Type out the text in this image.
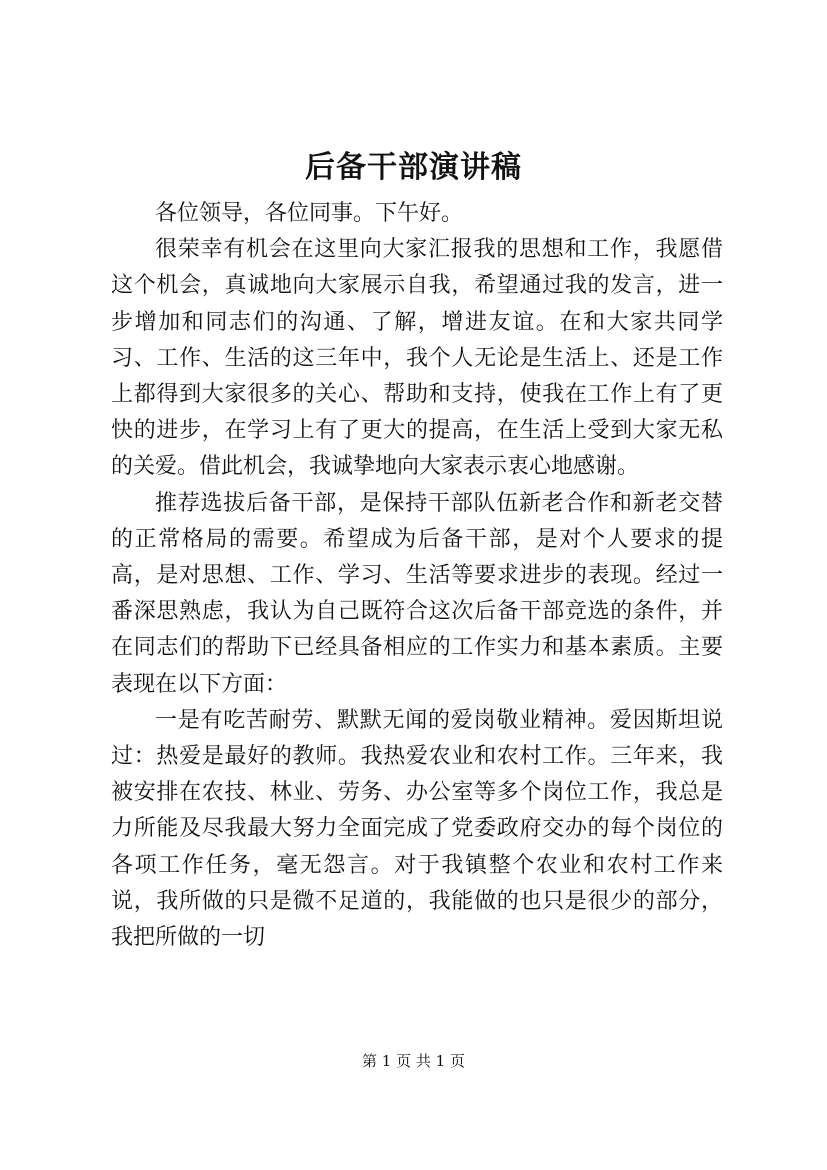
后备干部演讲稿

各位领导，各位同事。下午好。

很荣幸有机会在这里向大家汇报我的思想和工作，我愿借这个机会，真诚地向大家展示自我，希望通过我的发言，进一步增加和同志们的沟通、了解，增进友谊。在和大家共同学习、工作、生活的这三年中，我个人无论是生活上、还是工作上都得到大家很多的关心、帮助和支持，使我在工作上有了更快的进步，在学习上有了更大的提高，在生活上受到大家无私的关爱。借此机会，我诚挚地向大家表示衷心地感谢。

推荐选拔后备干部，是保持干部队伍新老合作和新老交替的正常格局的需要。希望成为后备干部，是对个人要求的提高，是对思想、工作、学习、生活等要求进步的表现。经过一番深思熟虑，我认为自己既符合这次后备干部竞选的条件，并在同志们的帮助下已经具备相应的工作实力和基本素质。主要表现在以下方面：

一是有吃苦耐劳、默默无闻的爱岗敬业精神。爱因斯坦说过：热爱是最好的教师。我热爱农业和农村工作。三年来，我被安排在农技、林业、劳务、办公室等多个岗位工作，我总是力所能及尽我最大努力全面完成了党委政府交办的每个岗位的各项工作任务，毫无怨言。对于我镇整个农业和农村工作来说，我所做的只是微不足道的，我能做的也只是很少的部分，我把所做的一切

第 1 页 共 1 页
